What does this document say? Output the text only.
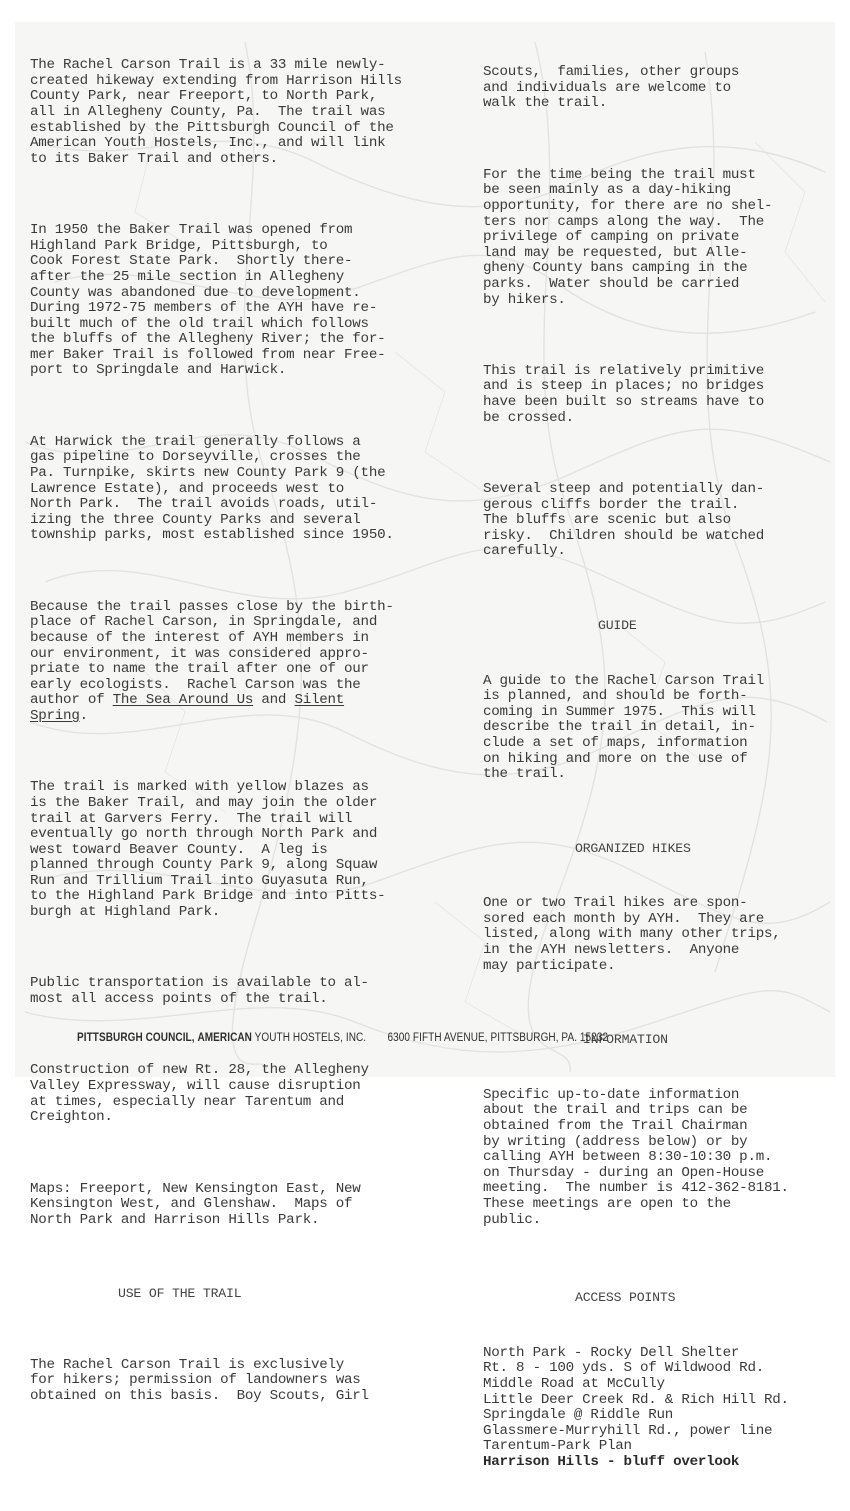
The Rachel Carson Trail is a 33 mile newly-
created hikeway extending from Harrison Hills
County Park, near Freeport, to North Park,
all in Allegheny County, Pa.  The trail was
established by the Pittsburgh Council of the
American Youth Hostels, Inc., and will link
to its Baker Trail and others.

In 1950 the Baker Trail was opened from
Highland Park Bridge, Pittsburgh, to
Cook Forest State Park.  Shortly there-
after the 25 mile section in Allegheny
County was abandoned due to development.
During 1972-75 members of the AYH have re-
built much of the old trail which follows
the bluffs of the Allegheny River; the for-
mer Baker Trail is followed from near Free-
port to Springdale and Harwick.

At Harwick the trail generally follows a
gas pipeline to Dorseyville, crosses the
Pa. Turnpike, skirts new County Park 9 (the
Lawrence Estate), and proceeds west to
North Park.  The trail avoids roads, util-
izing the three County Parks and several
township parks, most established since 1950.

Because the trail passes close by the birth-
place of Rachel Carson, in Springdale, and
because of the interest of AYH members in
our environment, it was considered appro-
priate to name the trail after one of our
early ecologists.  Rachel Carson was the
author of The Sea Around Us and Silent
Spring.

The trail is marked with yellow blazes as
is the Baker Trail, and may join the older
trail at Garvers Ferry.  The trail will
eventually go north through North Park and
west toward Beaver County.  A leg is
planned through County Park 9, along Squaw
Run and Trillium Trail into Guyasuta Run,
to the Highland Park Bridge and into Pitts-
burgh at Highland Park.

Public transportation is available to al-
most all access points of the trail.

Construction of new Rt. 28, the Allegheny
Valley Expressway, will cause disruption
at times, especially near Tarentum and
Creighton.

Maps: Freeport, New Kensington East, New
Kensington West, and Glenshaw.  Maps of
North Park and Harrison Hills Park.

USE OF THE TRAIL

The Rachel Carson Trail is exclusively
for hikers; permission of landowners was
obtained on this basis.  Boy Scouts, Girl

Scouts,  families, other groups
and individuals are welcome to
walk the trail.

For the time being the trail must
be seen mainly as a day-hiking
opportunity, for there are no shel-
ters nor camps along the way.  The
privilege of camping on private
land may be requested, but Alle-
gheny County bans camping in the
parks.  Water should be carried
by hikers.

This trail is relatively primitive
and is steep in places; no bridges
have been built so streams have to
be crossed.

Several steep and potentially dan-
gerous cliffs border the trail.
The bluffs are scenic but also
risky.  Children should be watched
carefully.

GUIDE

A guide to the Rachel Carson Trail
is planned, and should be forth-
coming in Summer 1975.  This will
describe the trail in detail, in-
clude a set of maps, information
on hiking and more on the use of
the trail.

ORGANIZED HIKES

One or two Trail hikes are spon-
sored each month by AYH.  They are
listed, along with many other trips,
in the AYH newsletters.  Anyone
may participate.

INFORMATION

Specific up-to-date information
about the trail and trips can be
obtained from the Trail Chairman
by writing (address below) or by
calling AYH between 8:30-10:30 p.m.
on Thursday - during an Open-House
meeting.  The number is 412-362-8181.
These meetings are open to the
public.

ACCESS POINTS

North Park - Rocky Dell Shelter
Rt. 8 - 100 yds. S of Wildwood Rd.
Middle Road at McCully
Little Deer Creek Rd. & Rich Hill Rd.
Springdale @ Riddle Run
Glassmere-Murryhill Rd., power line
Tarentum-Park Plan
Harrison Hills - bluff overlook

PITTSBURGH COUNCIL, AMERICAN YOUTH HOSTELS, INC. 6300 FIFTH AVENUE, PITTSBURGH, PA. 15232
